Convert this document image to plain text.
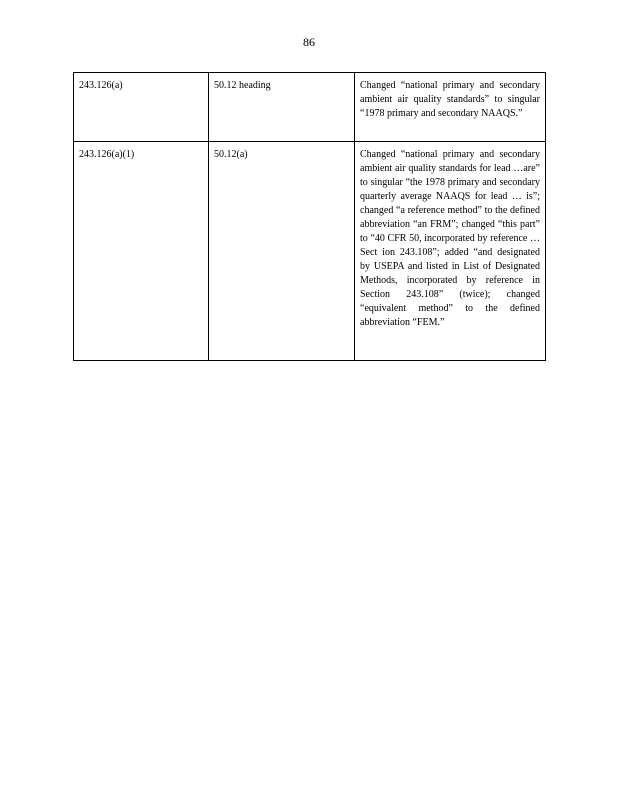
86
243.126(a)	50.12 heading	Changed “national primary and secondary ambient air quality standards” to singular “1978 primary and secondary NAAQS.”
243.126(a)(1)	50.12(a)	Changed “national primary and secondary ambient air quality standards for lead …are” to singular “the 1978 primary and secondary quarterly average NAAQS for lead … is”; changed “a reference method” to the defined abbreviation “an FRM”; changed “this part” to “40 CFR 50, incorporated by reference … Sect ion 243.108”; added “and designated by USEPA and listed in List of Designated Methods, incorporated by reference in Section 243.108” (twice); changed “equivalent method” to the defined abbreviation “FEM.”
